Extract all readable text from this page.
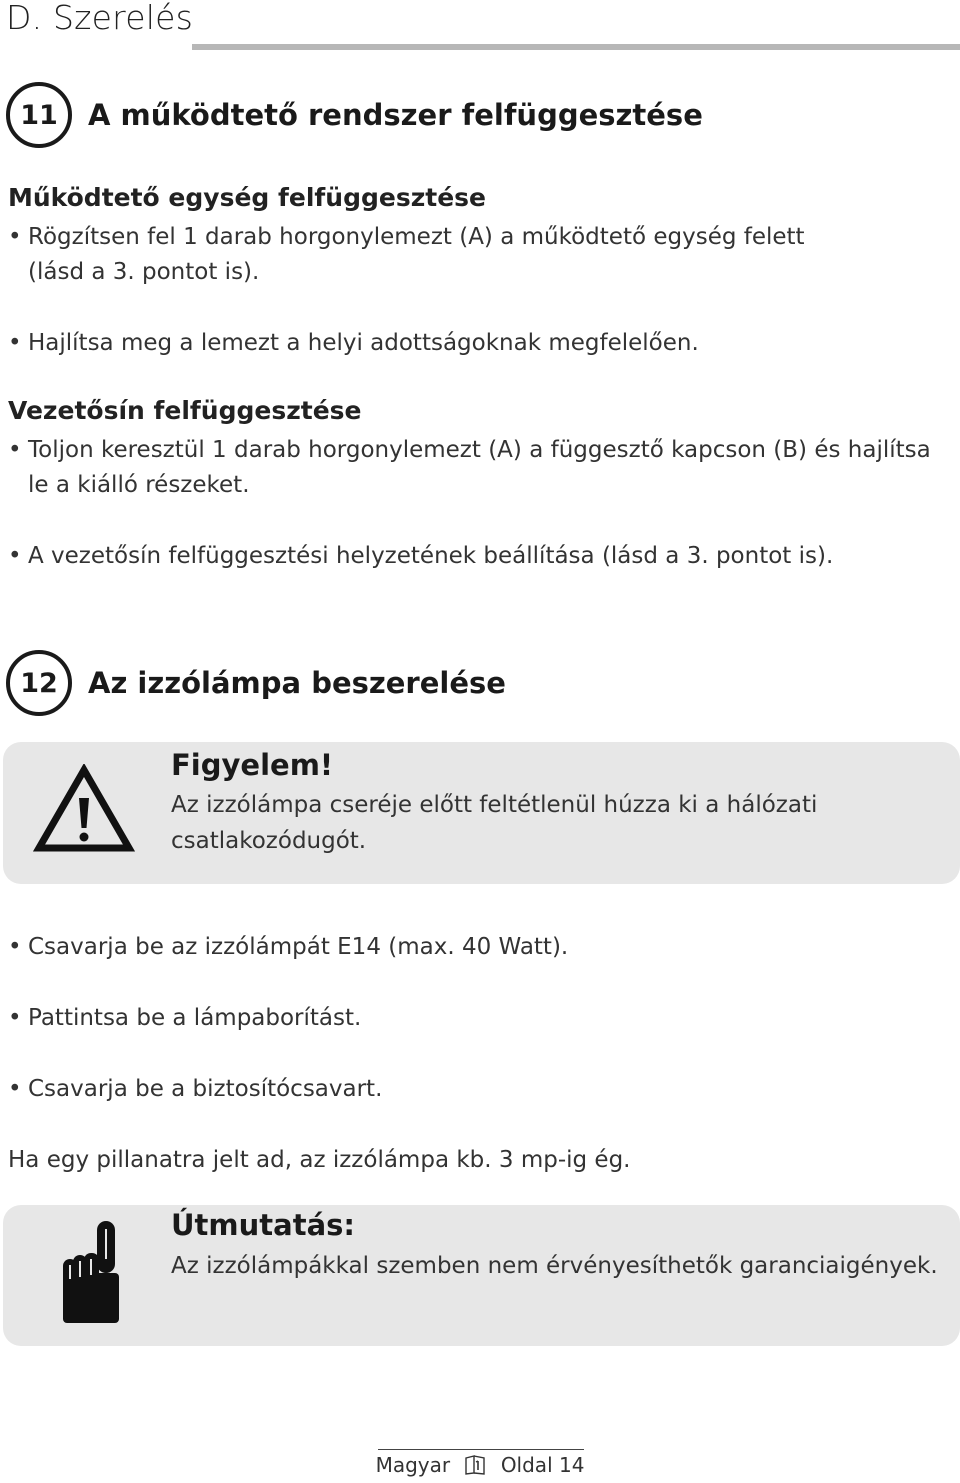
D. Szerelés
11	A működtető rendszer felfüggesztése
Működtető egység felfüggesztése
• Rögzítsen fel 1 darab horgonylemezt (A) a működtető egység felett
(lásd a 3. pontot is).
• Hajlítsa meg a lemezt a helyi adottságoknak megfelelően.
Vezetősín felfüggesztése
• Toljon keresztül 1 darab horgonylemezt (A) a függesztő kapcson (B) és hajlítsa
le a kiálló részeket.
• A vezetősín felfüggesztési helyzetének beállítása (lásd a 3. pontot is).
12	Az izzólámpa beszerelése
Figyelem!
Az izzólámpa cseréje előtt feltétlenül húzza ki a hálózati
csatlakozódugót.
• Csavarja be az izzólámpát E14 (max. 40 Watt).
• Pattintsa be a lámpaborítást.
• Csavarja be a biztosítócsavart.
Ha egy pillanatra jelt ad, az izzólámpa kb. 3 mp-ig ég.
Útmutatás:
Az izzólámpákkal szemben nem érvényesíthetők garanciaigények.
Magyar	Oldal 14
